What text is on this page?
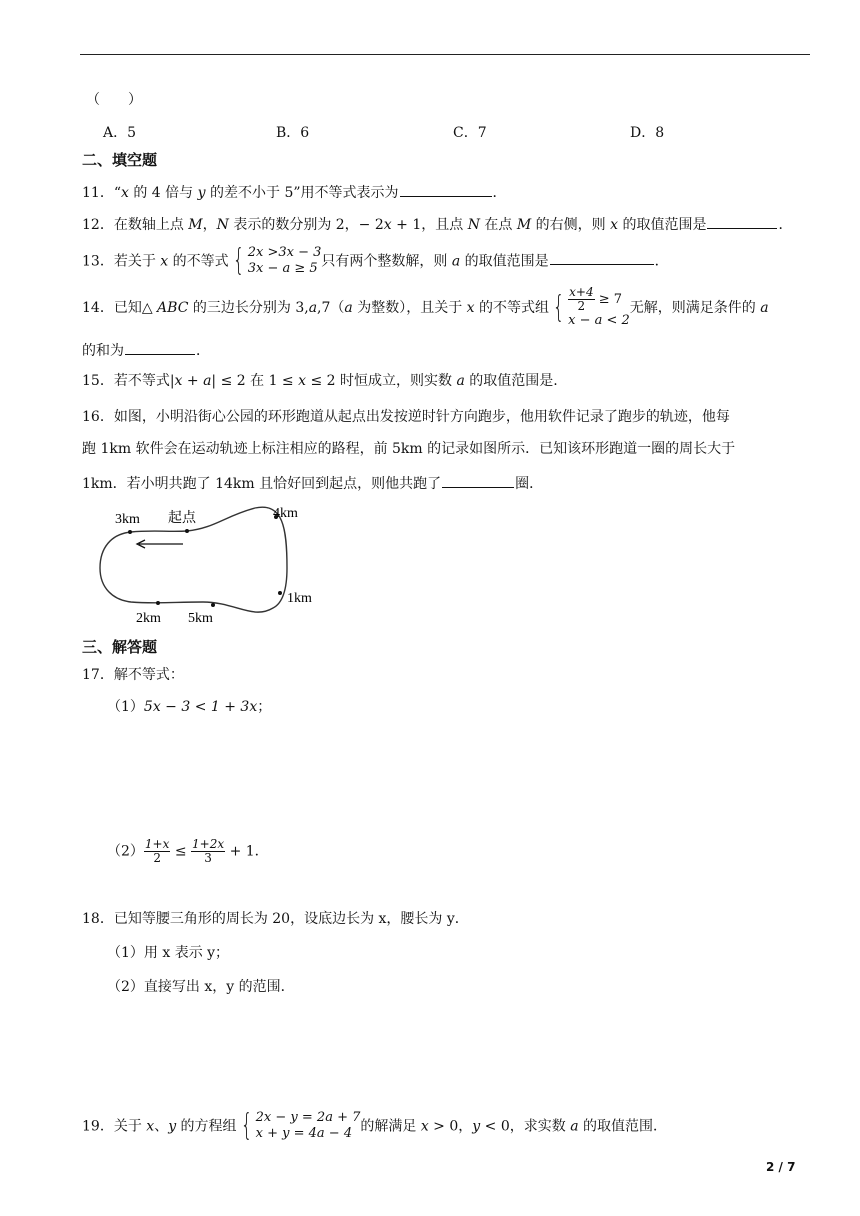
（　　）
A．5	B．6	C．7	D．8
二、填空题
11．“x 的 4 倍与 y 的差不小于 5”用不等式表示为	．
12．在数轴上点 M，N 表示的数分别为 2，− 2x + 1，且点 N 在点 M 的右侧，则 x 的取值范围是	．
13．若关于 x 的不等式 { 2x >3x − 3
3x − a ≥ 5 只有两个整数解，则 a 的取值范围是	．
14．已知△ ABC 的三边长分别为 3,a,7（a 为整数），且关于 x 的不等式组 { $\frac{x+4}{2} \ge 7$
x − a < 2无解，则满足条件的 a
的和为	．
15．若不等式|x + a| ≤ 2 在 1 ≤ x ≤ 2 时恒成立，则实数 a 的取值范围是.
16．如图，小明沿街心公园的环形跑道从起点出发按逆时针方向跑步，他用软件记录了跑步的轨迹，他每
跑 1km 软件会在运动轨迹上标注相应的路程，前 5km 的记录如图所示．已知该环形跑道一圈的周长大于
1km．若小明共跑了 14km 且恰好回到起点，则他共跑了	圈．
起点
3km	4km
1km
2km 5km
三、解答题
17．解不等式：
（1）5x − 3 < 1 + 3x；
$(2) \frac{1+x}{2} \le \frac{1+2x}{3} + 1$．
18．已知等腰三角形的周长为 20，设底边长为 x，腰长为 y．
（1）用 x 表示 y；
（2）直接写出 x，y 的范围．
19．关于 x、y 的方程组 { 2x − y = 2a + 7
x + y = 4a − 4 的解满足 x > 0，y < 0，求实数 a 的取值范围．
2 / 7
